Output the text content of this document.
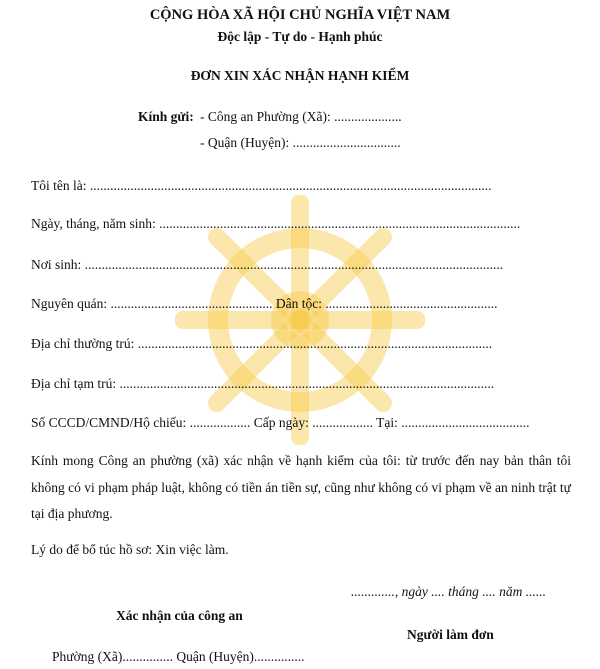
CỘNG HÒA XÃ HỘI CHỦ NGHĨA VIỆT NAM
Độc lập - Tự do - Hạnh phúc
ĐƠN XIN XÁC NHẬN HẠNH KIỂM
Kính gửi: - Công an Phường (Xã): ....................
- Quận (Huyện): ................................
Tôi tên là: .......................................................................................................................
Ngày, tháng, năm sinh: ...........................................................................................................
Nơi sinh: ............................................................................................................................
Nguyên quán: ................................................ Dân tộc: ...................................................
Địa chỉ thường trú: .........................................................................................................
Địa chỉ tạm trú: ...............................................................................................................
Số CCCD/CMND/Hộ chiếu: .................. Cấp ngày: .................. Tại: ......................................
Kính mong Công an phường (xã) xác nhận về hạnh kiểm của tôi: từ trước đến nay bản thân tôi không có vi phạm pháp luật, không có tiền án tiền sự, cũng như không có vi phạm về an ninh trật tự tại địa phương.
Lý do để bổ túc hồ sơ: Xin việc làm.
............., ngày .... tháng .... năm ......
Xác nhận của công an
Người làm đơn
Phường (Xã)............... Quận (Huyện)...............
